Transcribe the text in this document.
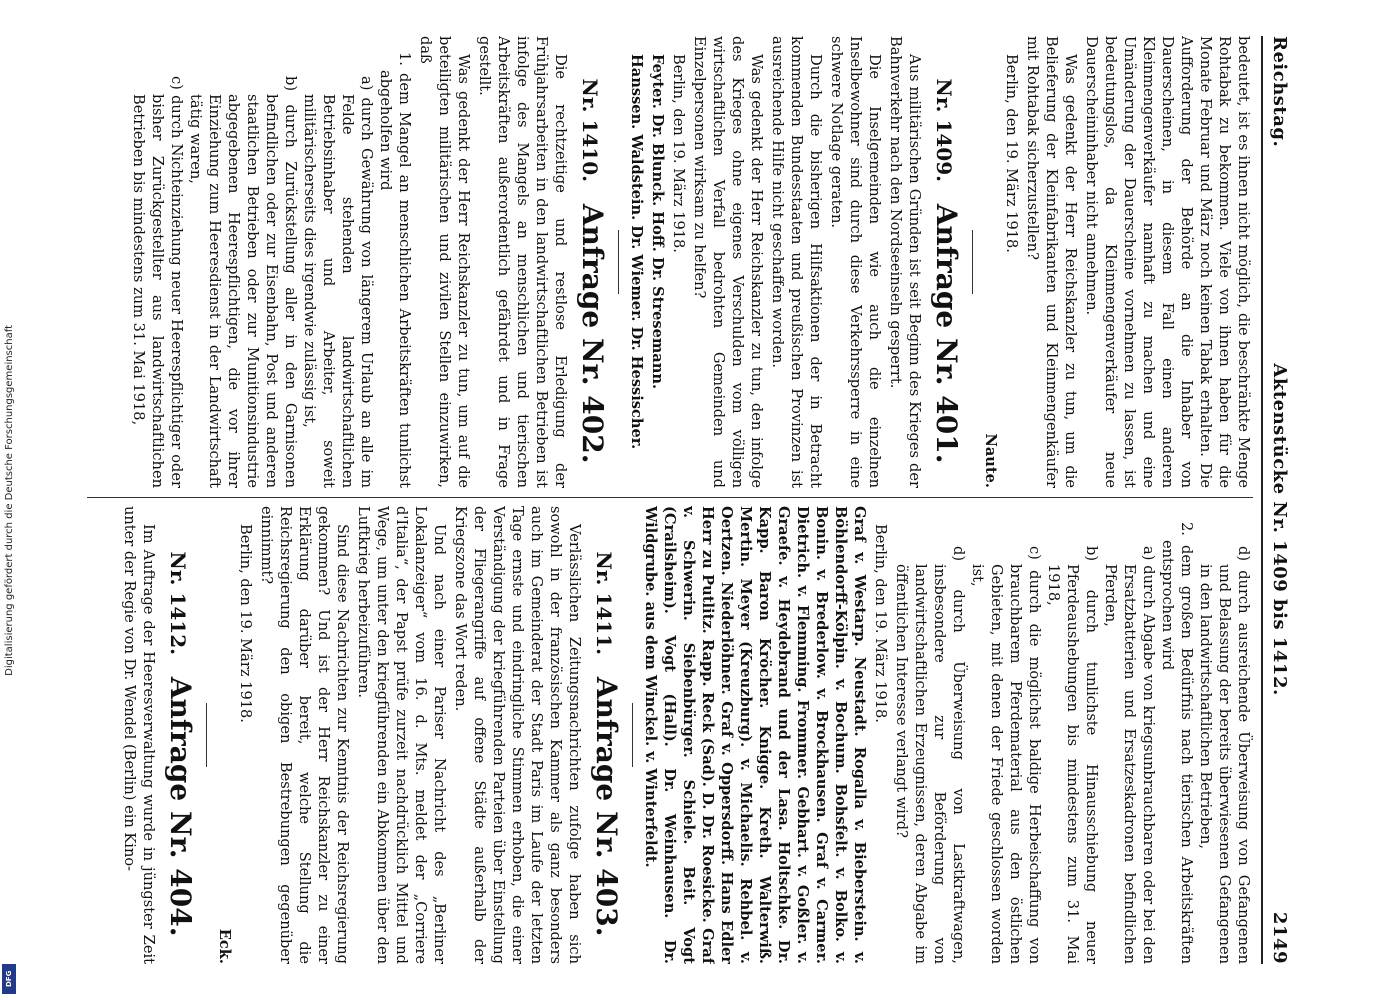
Digitalisierung gefördert durch die Deutsche Forschungsgemeinschaft
DFG
Reichstag.
Aktenstücke Nr. 1409 bis 1412.
2149

bedeutet, ist es ihnen nicht möglich, die beschränkte Menge Rohtabak zu bekommen. Viele von ihnen haben für die Monate Februar und März noch keinen Tabak erhalten. Die Aufforderung der Behörde an die Inhaber von Dauerscheinen, in diesem Fall einen anderen Kleinmengenverkäufer namhaft zu machen und eine Umänderung der Dauerscheine vornehmen zu lassen, ist bedeutungslos, da Kleinmengenverkäufer neue Dauerscheininhaber nicht annehmen.

Was gedenkt der Herr Reichskanzler zu tun, um die Belieferung der Kleinfabrikanten und Kleinmengenkäufer mit Rohtabak sicherzustellen?

Berlin, den 19. März 1918.

Naute.

Nr. 1409. Anfrage Nr. 401.

Aus militärischen Gründen ist seit Beginn des Krieges der Bahnverkehr nach den Nordseeinseln gesperrt.

Die Inselgemeinden wie auch die einzelnen Inselbewohner sind durch diese Verkehrssperre in eine schwere Notlage geraten.

Durch die bisherigen Hilfsaktionen der in Betracht kommenden Bundesstaaten und preußischen Provinzen ist ausreichende Hilfe nicht geschaffen worden.

Was gedenkt der Herr Reichskanzler zu tun, den infolge des Krieges ohne eigenes Verschulden vom völligen wirtschaftlichen Verfall bedrohten Gemeinden und Einzelpersonen wirksam zu helfen?

Berlin, den 19. März 1918.

Feyter. Dr. Blunck. Hoff. Dr. Stresemann.

Hanssen. Waldstein. Dr. Wiemer. Dr. Hessischer.

Nr. 1410. Anfrage Nr. 402.

Die rechtzeitige und restlose Erledigung der Frühjahrsarbeiten in den landwirtschaftlichen Betrieben ist infolge des Mangels an menschlichen und tierischen Arbeitskräften außerordentlich gefährdet und in Frage gestellt.

Was gedenkt der Herr Reichskanzler zu tun, um auf die beteiligten militärischen und zivilen Stellen einzuwirken, daß

1. dem Mangel an menschlichen Arbeitskräften tunlichst abgeholfen wird
a) durch Gewährung von längerem Urlaub an alle im Felde stehenden landwirtschaftlichen Betriebsinhaber und Arbeiter, soweit militärischerseits dies irgendwie zulässig ist,
b) durch Zurückstellung aller in den Garnisonen befindlichen oder zur Eisenbahn, Post und anderen staatlichen Betrieben oder zur Munitionsindustrie abgegebenen Heerespflichtigen, die vor ihrer Einziehung zum Heeresdienst in der Landwirtschaft tätig waren,
c) durch Nichteinziehung neuer Heerespflichtiger oder bisher Zurückgestellter aus landwirtschaftlichen Betrieben bis mindestens zum 31. Mai 1918,
d) durch ausreichende Überweisung von Gefangenen und Belassung der bereits überwiesenen Gefangenen in den landwirtschaftlichen Betrieben,
2. dem großen Bedürfnis nach tierischen Arbeitskräften entsprochen wird
a) durch Abgabe von kriegsunbrauchbaren oder bei den Ersatzbatterien und Ersatzeskadronen befindlichen Pferden,
b) durch tunlichste Hinausschiebung neuer Pferdeaushebungen bis mindestens zum 31. Mai 1918,
c) durch die möglichst baldige Herbeischaffung von brauchbarem Pferdematerial aus den östlichen Gebieten, mit denen der Friede geschlossen worden ist,
d) durch Überweisung von Lastkraftwagen, insbesondere zur Beförderung von landwirtschaftlichen Erzeugnissen, deren Abgabe im öffentlichen Interesse verlangt wird?

Berlin, den 19. März 1918.

Graf v. Westarp. Neustadt. Rogalla v. Bieberstein. v. Böhlendorff-Kölpin. v. Bochum. Bohsfelt. v. Bolko. v. Bonin. v. Brederlow. v. Brockhausen. Graf v. Carmer. Dietrich. v. Flemming. Frommer. Gebhart. v. Goßler. v. Graefe. v. Heydebrand und der Lasa. Holtschke. Dr. Kapp. Baron Kröcher. Knigge. Kreth. Walterwiß. Mertin. Meyer (Kreuzburg). v. Michaelis. Rehbel. v. Oertzen. Niederlöhner. Graf v. Oppersdorff. Hans Edler Herr zu Putlitz. Rapp. Reck (Sad). D. Dr. Roesicke. Graf v. Schwerin. Siebenbürger. Schiele. Beit. Vogt (Crailsheim). Vogt (Hall). Dr. Weinhausen. Dr. Wildgrube. aus dem Winckel. v. Winterfeldt.

Nr. 1411. Anfrage Nr. 403.

Verlässlichen Zeitungsnachrichten zufolge haben sich sowohl in der französischen Kammer als ganz besonders auch im Gemeinderat der Stadt Paris im Laufe der letzten Tage ernste und eindringliche Stimmen erhoben, die einer Verständigung der kriegführenden Parteien über Einstellung der Fliegerangriffe auf offene Städte außerhalb der Kriegszone das Wort reden.

Und nach einer Pariser Nachricht des „Berliner Lokalanzeiger“ vom 16. d. Mts. meldet der „Corriere d'Italia“, der Papst prüfe zurzeit nachdrücklich Mittel und Wege, um unter den kriegführenden ein Abkommen über den Luftkrieg herbeizuführen.

Sind diese Nachrichten zur Kenntnis der Reichsregierung gekommen? Und ist der Herr Reichskanzler zu einer Erklärung darüber bereit, welche Stellung die Reichsregierung den obigen Bestrebungen gegenüber einnimmt?

Berlin, den 19. März 1918.

Eck.

Nr. 1412. Anfrage Nr. 404.

Im Auftrage der Heeresverwaltung wurde in jüngster Zeit unter der Regie von Dr. Wendel (Berlin) ein Kino-
